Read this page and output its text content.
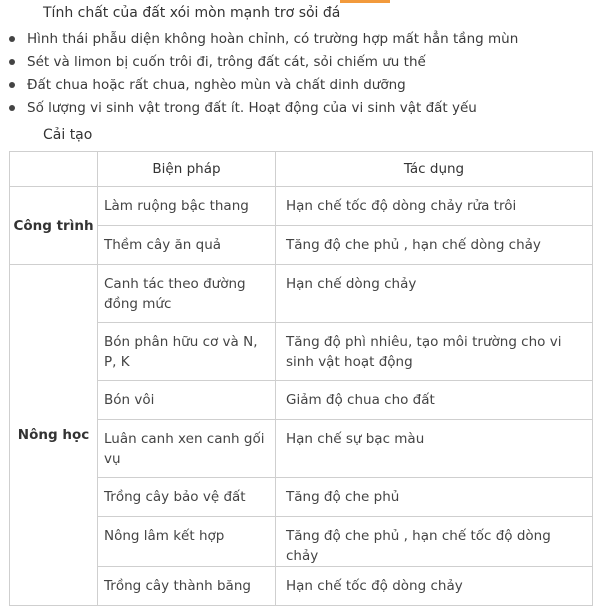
Tính chất của đất xói mòn mạnh trơ sỏi đá
Hình thái phẫu diện không hoàn chỉnh, có trường hợp mất hẳn tầng mùn
Sét và limon bị cuốn trôi đi, trông đất cát, sỏi chiếm ưu thế
Đất chua hoặc rất chua, nghèo mùn và chất dinh dưỡng
Số lượng vi sinh vật trong đất ít. Hoạt động của vi sinh vật đất yếu
Cải tạo
	Biện pháp	Tác dụng
Công trình	Làm ruộng bậc thang	Hạn chế tốc độ dòng chảy rửa trôi
	Thềm cây ăn quả	Tăng độ che phủ , hạn chế dòng chảy
Nông học	Canh tác theo đường đồng mức	Hạn chế dòng chảy
	Bón phân hữu cơ và N, P, K	Tăng độ phì nhiêu, tạo môi trường cho vi sinh vật hoạt động
	Bón vôi	Giảm độ chua cho đất
	Luân canh xen canh gối vụ	Hạn chế sự bạc màu
	Trồng cây bảo vệ đất	Tăng độ che phủ
	Nông lâm kết hợp	Tăng độ che phủ , hạn chế tốc độ dòng chảy
	Trồng cây thành băng	Hạn chế tốc độ dòng chảy
